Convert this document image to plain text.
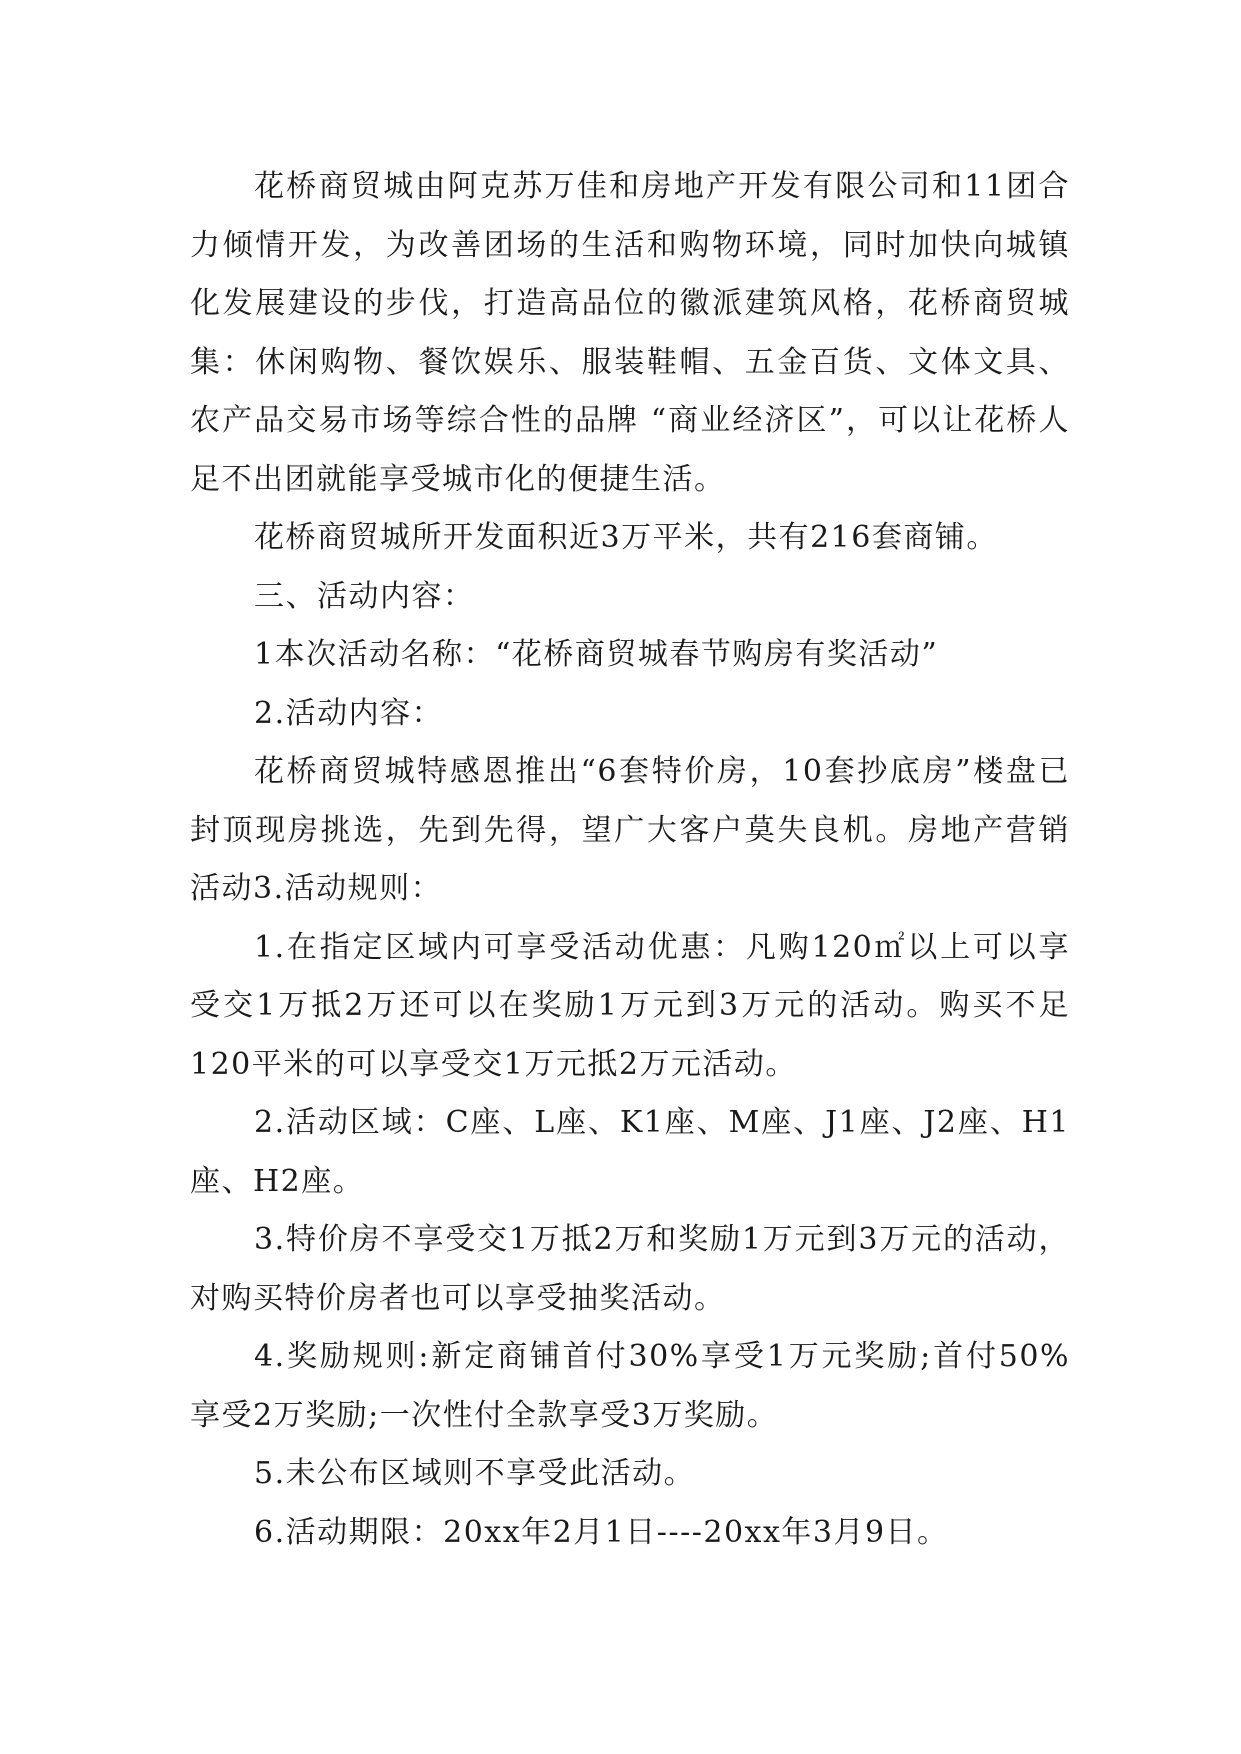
花桥商贸城由阿克苏万佳和房地产开发有限公司和11团合力倾情开发，为改善团场的生活和购物环境，同时加快向城镇化发展建设的步伐，打造高品位的徽派建筑风格，花桥商贸城集：休闲购物、餐饮娱乐、服装鞋帽、五金百货、文体文具、农产品交易市场等综合性的品牌 “商业经济区”，可以让花桥人足不出团就能享受城市化的便捷生活。

花桥商贸城所开发面积近3万平米，共有216套商铺。

三、活动内容：

1本次活动名称：“花桥商贸城春节购房有奖活动”

2.活动内容：

花桥商贸城特感恩推出“6套特价房，10套抄底房”楼盘已封顶现房挑选，先到先得，望广大客户莫失良机。房地产营销活动3.活动规则：

1.在指定区域内可享受活动优惠：凡购120㎡以上可以享受交1万抵2万还可以在奖励1万元到3万元的活动。购买不足120平米的可以享受交1万元抵2万元活动。

2.活动区域：C座、L座、K1座、M座、J1座、J2座、H1座、H2座。

3.特价房不享受交1万抵2万和奖励1万元到3万元的活动，对购买特价房者也可以享受抽奖活动。

4.奖励规则:新定商铺首付30%享受1万元奖励;首付50%享受2万奖励;一次性付全款享受3万奖励。

5.未公布区域则不享受此活动。

6.活动期限：20xx年2月1日----20xx年3月9日。
